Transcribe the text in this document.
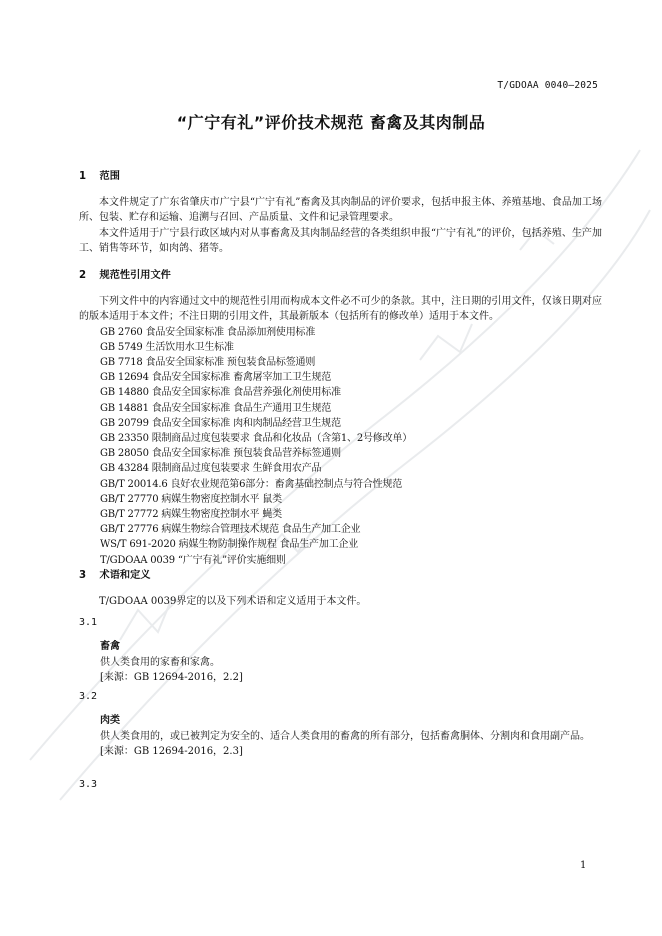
T/GDOAA 0040—2025
“广宁有礼”评价技术规范 畜禽及其肉制品
1 范围

本文件规定了广东省肇庆市广宁县“广宁有礼”畜禽及其肉制品的评价要求，包括申报主体、养殖基地、食品加工场所、包装、贮存和运输、追溯与召回、产品质量、文件和记录管理要求。

本文件适用于广宁县行政区域内对从事畜禽及其肉制品经营的各类组织申报“广宁有礼”的评价，包括养殖、生产加工、销售等环节，如肉鸽、猪等。

2 规范性引用文件

下列文件中的内容通过文中的规范性引用而构成本文件必不可少的条款。其中，注日期的引用文件，仅该日期对应的版本适用于本文件；不注日期的引用文件，其最新版本（包括所有的修改单）适用于本文件。

GB 2760 食品安全国家标准 食品添加剂使用标准
GB 5749 生活饮用水卫生标准
GB 7718 食品安全国家标准 预包装食品标签通则
GB 12694 食品安全国家标准 畜禽屠宰加工卫生规范
GB 14880 食品安全国家标准 食品营养强化剂使用标准
GB 14881 食品安全国家标准 食品生产通用卫生规范
GB 20799 食品安全国家标准 肉和肉制品经营卫生规范
GB 23350 限制商品过度包装要求 食品和化妆品（含第1、2号修改单）
GB 28050 食品安全国家标准 预包装食品营养标签通则
GB 43284 限制商品过度包装要求 生鲜食用农产品
GB/T 20014.6 良好农业规范第6部分：畜禽基础控制点与符合性规范
GB/T 27770 病媒生物密度控制水平 鼠类
GB/T 27772 病媒生物密度控制水平 蝇类
GB/T 27776 病媒生物综合管理技术规范 食品生产加工企业
WS/T 691-2020 病媒生物防制操作规程 食品生产加工企业
T/GDOAA 0039 “广宁有礼”评价实施细则
3 术语和定义

T/GDOAA 0039界定的以及下列术语和定义适用于本文件。

3.1

畜禽

供人类食用的家畜和家禽。

[来源：GB 12694-2016，2.2]

3.2

肉类

供人类食用的，或已被判定为安全的、适合人类食用的畜禽的所有部分，包括畜禽胴体、分割肉和食用副产品。

[来源：GB 12694-2016，2.3]

3.3
1
